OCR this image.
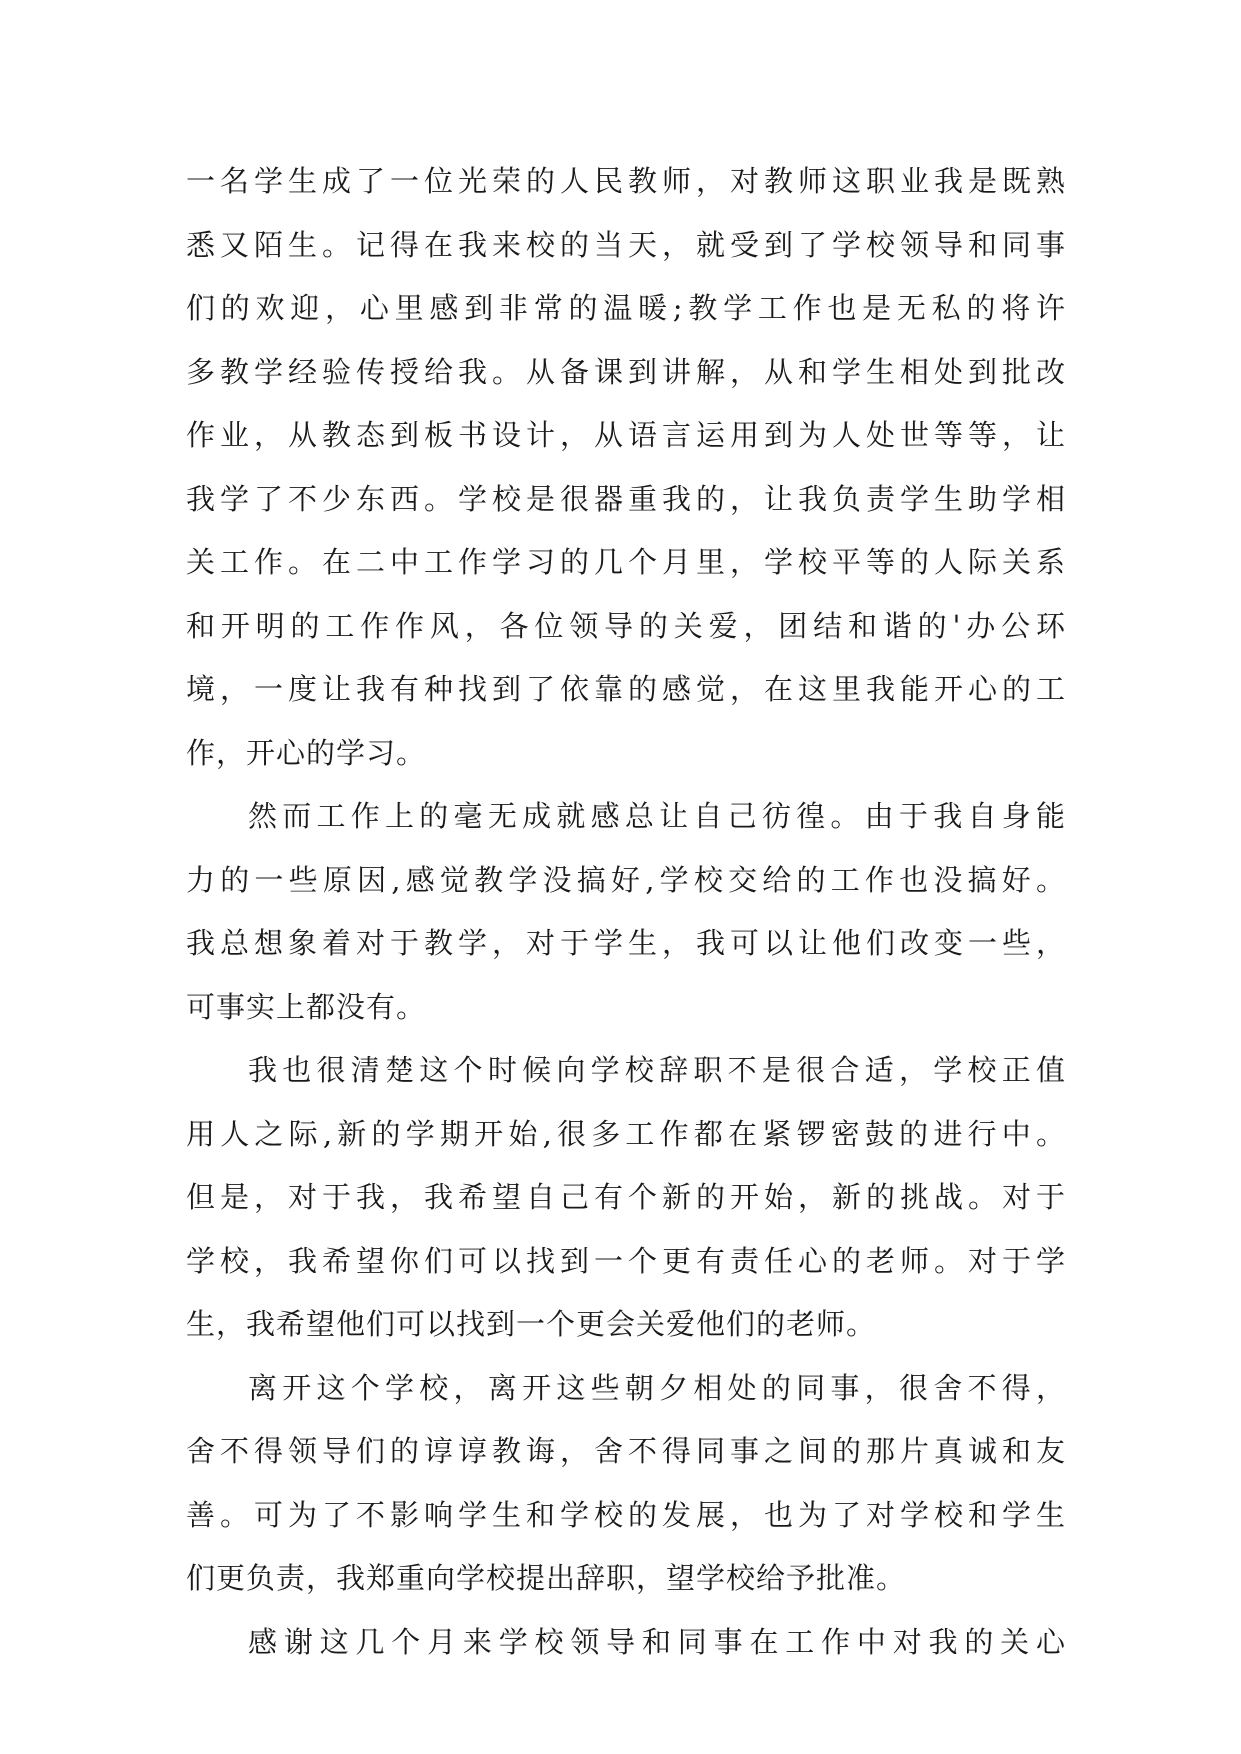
一名学生成了一位光荣的人民教师，对教师这职业我是既熟
悉又陌生。记得在我来校的当天，就受到了学校领导和同事
们的欢迎，心里感到非常的温暖;教学工作也是无私的将许
多教学经验传授给我。从备课到讲解，从和学生相处到批改
作业，从教态到板书设计，从语言运用到为人处世等等，让
我学了不少东西。学校是很器重我的，让我负责学生助学相
关工作。在二中工作学习的几个月里，学校平等的人际关系
和开明的工作作风，各位领导的关爱，团结和谐的'办公环
境，一度让我有种找到了依靠的感觉，在这里我能开心的工
作，开心的学习。
然而工作上的毫无成就感总让自己彷徨。由于我自身能
力的一些原因,感觉教学没搞好,学校交给的工作也没搞好。
我总想象着对于教学，对于学生，我可以让他们改变一些，
可事实上都没有。
我也很清楚这个时候向学校辞职不是很合适，学校正值
用人之际,新的学期开始,很多工作都在紧锣密鼓的进行中。
但是，对于我，我希望自己有个新的开始，新的挑战。对于
学校，我希望你们可以找到一个更有责任心的老师。对于学
生，我希望他们可以找到一个更会关爱他们的老师。
离开这个学校，离开这些朝夕相处的同事，很舍不得，
舍不得领导们的谆谆教诲，舍不得同事之间的那片真诚和友
善。可为了不影响学生和学校的发展，也为了对学校和学生
们更负责，我郑重向学校提出辞职，望学校给予批准。
感谢这几个月来学校领导和同事在工作中对我的关心
